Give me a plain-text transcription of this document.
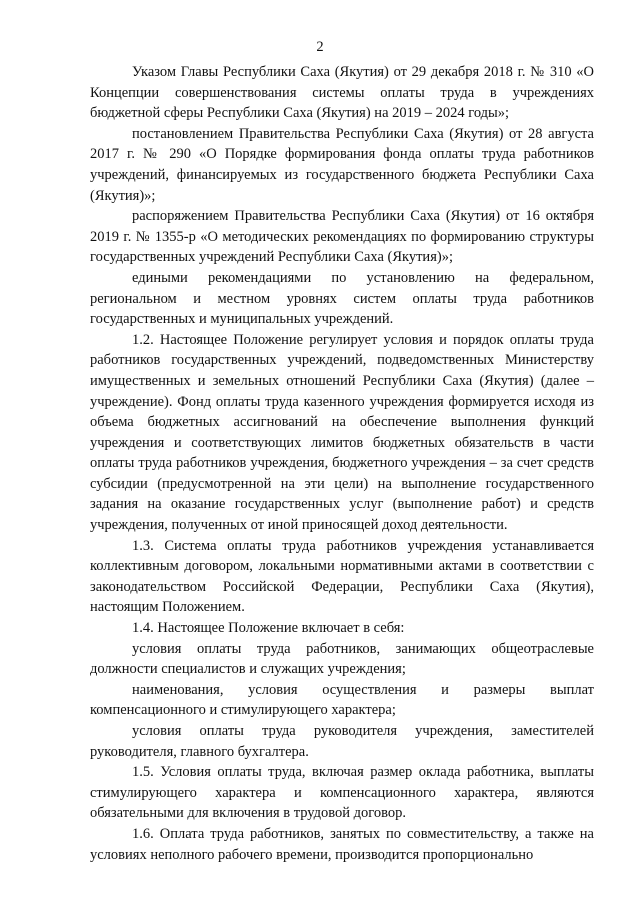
2

Указом Главы Республики Саха (Якутия) от 29 декабря 2018 г. № 310 «О Концепции совершенствования системы оплаты труда в учреждениях бюджетной сферы Республики Саха (Якутия) на 2019 – 2024 годы»;

постановлением Правительства Республики Саха (Якутия) от 28 августа 2017 г. № 290 «О Порядке формирования фонда оплаты труда работников учреждений, финансируемых из государственного бюджета Республики Саха (Якутия)»;

распоряжением Правительства Республики Саха (Якутия) от 16 октября 2019 г. № 1355-р «О методических рекомендациях по формированию структуры государственных учреждений Республики Саха (Якутия)»;

едиными рекомендациями по установлению на федеральном, региональном и местном уровнях систем оплаты труда работников государственных и муниципальных учреждений.

1.2. Настоящее Положение регулирует условия и порядок оплаты труда работников государственных учреждений, подведомственных Министерству имущественных и земельных отношений Республики Саха (Якутия) (далее – учреждение). Фонд оплаты труда казенного учреждения формируется исходя из объема бюджетных ассигнований на обеспечение выполнения функций учреждения и соответствующих лимитов бюджетных обязательств в части оплаты труда работников учреждения, бюджетного учреждения – за счет средств субсидии (предусмотренной на эти цели) на выполнение государственного задания на оказание государственных услуг (выполнение работ) и средств учреждения, полученных от иной приносящей доход деятельности.

1.3. Система оплаты труда работников учреждения устанавливается коллективным договором, локальными нормативными актами в соответствии с законодательством Российской Федерации, Республики Саха (Якутия), настоящим Положением.

1.4. Настоящее Положение включает в себя:

условия оплаты труда работников, занимающих общеотраслевые должности специалистов и служащих учреждения;

наименования, условия осуществления и размеры выплат компенсационного и стимулирующего характера;

условия оплаты труда руководителя учреждения, заместителей руководителя, главного бухгалтера.

1.5. Условия оплаты труда, включая размер оклада работника, выплаты стимулирующего характера и компенсационного характера, являются обязательными для включения в трудовой договор.

1.6. Оплата труда работников, занятых по совместительству, а также на условиях неполного рабочего времени, производится пропорционально
